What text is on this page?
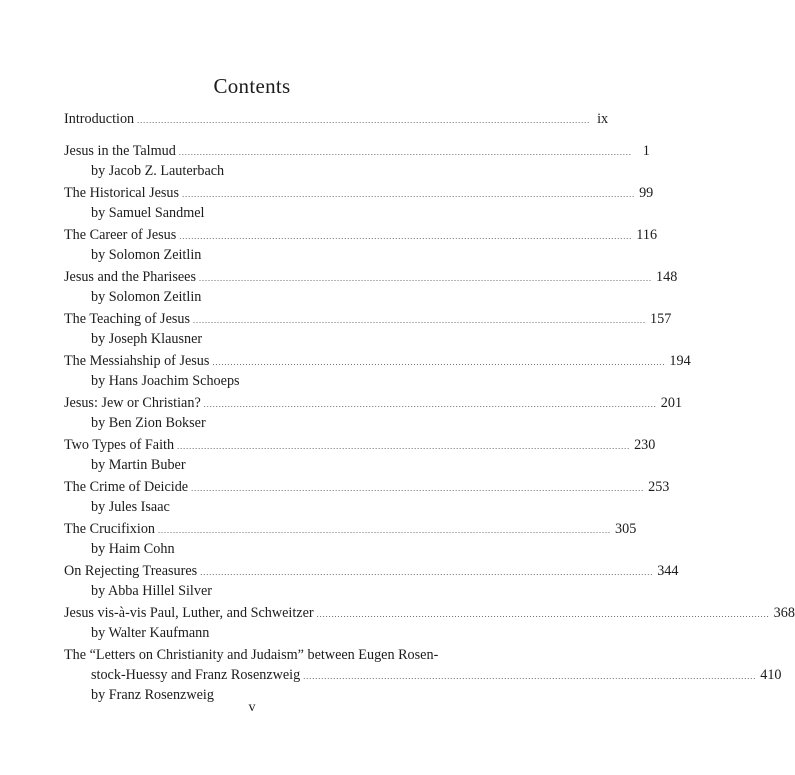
Contents
Introduction ....................................................................................................................................................... ix
Jesus in the Talmud ....................................................................................................................................................... 1
by Jacob Z. Lauterbach
The Historical Jesus ....................................................................................................................................................... 99
by Samuel Sandmel
The Career of Jesus ....................................................................................................................................................... 116
by Solomon Zeitlin
Jesus and the Pharisees ....................................................................................................................................................... 148
by Solomon Zeitlin
The Teaching of Jesus ....................................................................................................................................................... 157
by Joseph Klausner
The Messiahship of Jesus ....................................................................................................................................................... 194
by Hans Joachim Schoeps
Jesus: Jew or Christian? ....................................................................................................................................................... 201
by Ben Zion Bokser
Two Types of Faith ....................................................................................................................................................... 230
by Martin Buber
The Crime of Deicide ....................................................................................................................................................... 253
by Jules Isaac
The Crucifixion ....................................................................................................................................................... 305
by Haim Cohn
On Rejecting Treasures ....................................................................................................................................................... 344
by Abba Hillel Silver
Jesus vis-à-vis Paul, Luther, and Schweitzer ....................................................................................................................................................... 368
by Walter Kaufmann
The “Letters on Christianity and Judaism” between Eugen Rosen-
stock-Huessy and Franz Rosenzweig ....................................................................................................................................................... 410
by Franz Rosenzweig
v
